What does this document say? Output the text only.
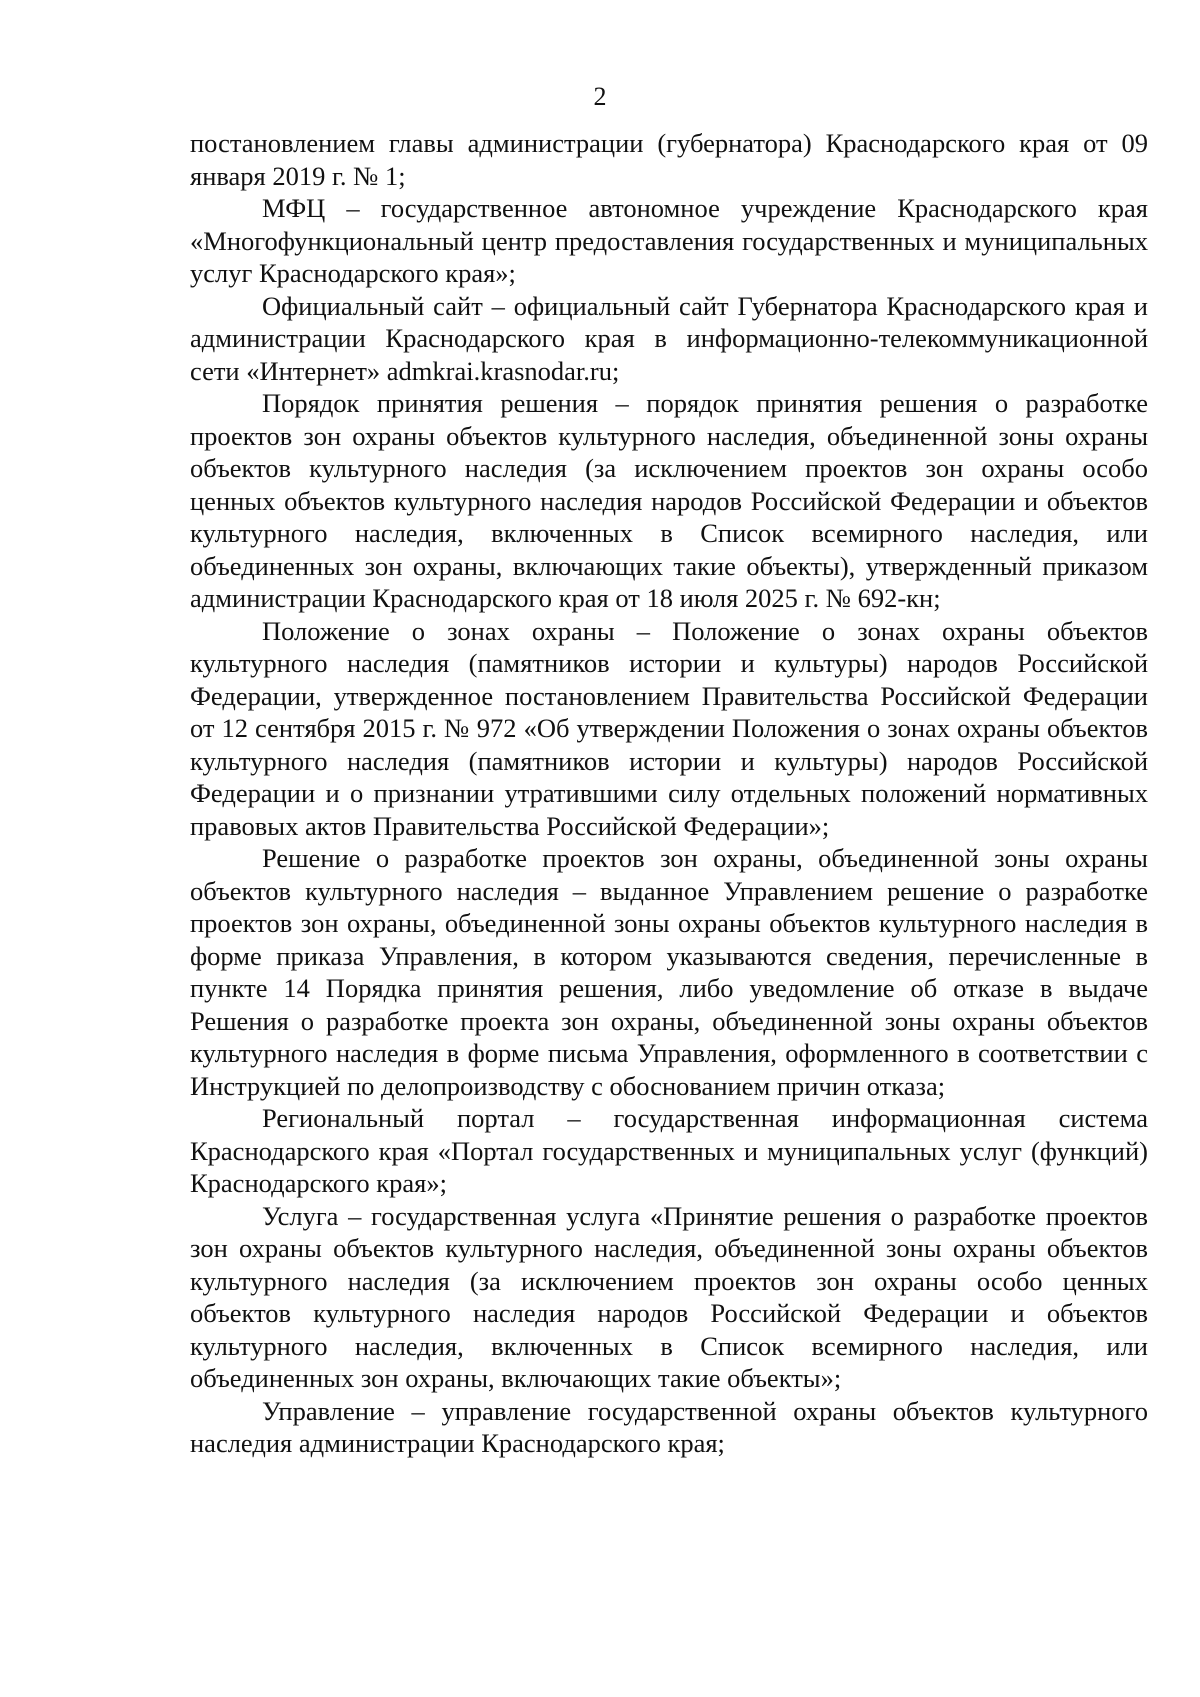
2

постановлением главы администрации (губернатора) Краснодарского края от 09 января 2019 г. № 1;

МФЦ – государственное автономное учреждение Краснодарского края «Многофункциональный центр предоставления государственных и муниципальных услуг Краснодарского края»;

Официальный сайт – официальный сайт Губернатора Краснодарского края и администрации Краснодарского края в информационно-телекоммуникационной сети «Интернет» admkrai.krasnodar.ru;

Порядок принятия решения – порядок принятия решения о разработке проектов зон охраны объектов культурного наследия, объединенной зоны охраны объектов культурного наследия (за исключением проектов зон охраны особо ценных объектов культурного наследия народов Российской Федерации и объектов культурного наследия, включенных в Список всемирного наследия, или объединенных зон охраны, включающих такие объекты), утвержденный приказом администрации Краснодарского края от 18 июля 2025 г. № 692-кн;

Положение о зонах охраны – Положение о зонах охраны объектов культурного наследия (памятников истории и культуры) народов Российской Федерации, утвержденное постановлением Правительства Российской Федерации от 12 сентября 2015 г. № 972 «Об утверждении Положения о зонах охраны объектов культурного наследия (памятников истории и культуры) народов Российской Федерации и о признании утратившими силу отдельных положений нормативных правовых актов Правительства Российской Федерации»;

Решение о разработке проектов зон охраны, объединенной зоны охраны объектов культурного наследия – выданное Управлением решение о разработке проектов зон охраны, объединенной зоны охраны объектов культурного наследия в форме приказа Управления, в котором указываются сведения, перечисленные в пункте 14 Порядка принятия решения, либо уведомление об отказе в выдаче Решения о разработке проекта зон охраны, объединенной зоны охраны объектов культурного наследия в форме письма Управления, оформленного в соответствии с Инструкцией по делопроизводству с обоснованием причин отказа;

Региональный портал – государственная информационная система Краснодарского края «Портал государственных и муниципальных услуг (функций) Краснодарского края»;

Услуга – государственная услуга «Принятие решения о разработке проектов зон охраны объектов культурного наследия, объединенной зоны охраны объектов культурного наследия (за исключением проектов зон охраны особо ценных объектов культурного наследия народов Российской Федерации и объектов культурного наследия, включенных в Список всемирного наследия, или объединенных зон охраны, включающих такие объекты»;

Управление – управление государственной охраны объектов культурного наследия администрации Краснодарского края;
